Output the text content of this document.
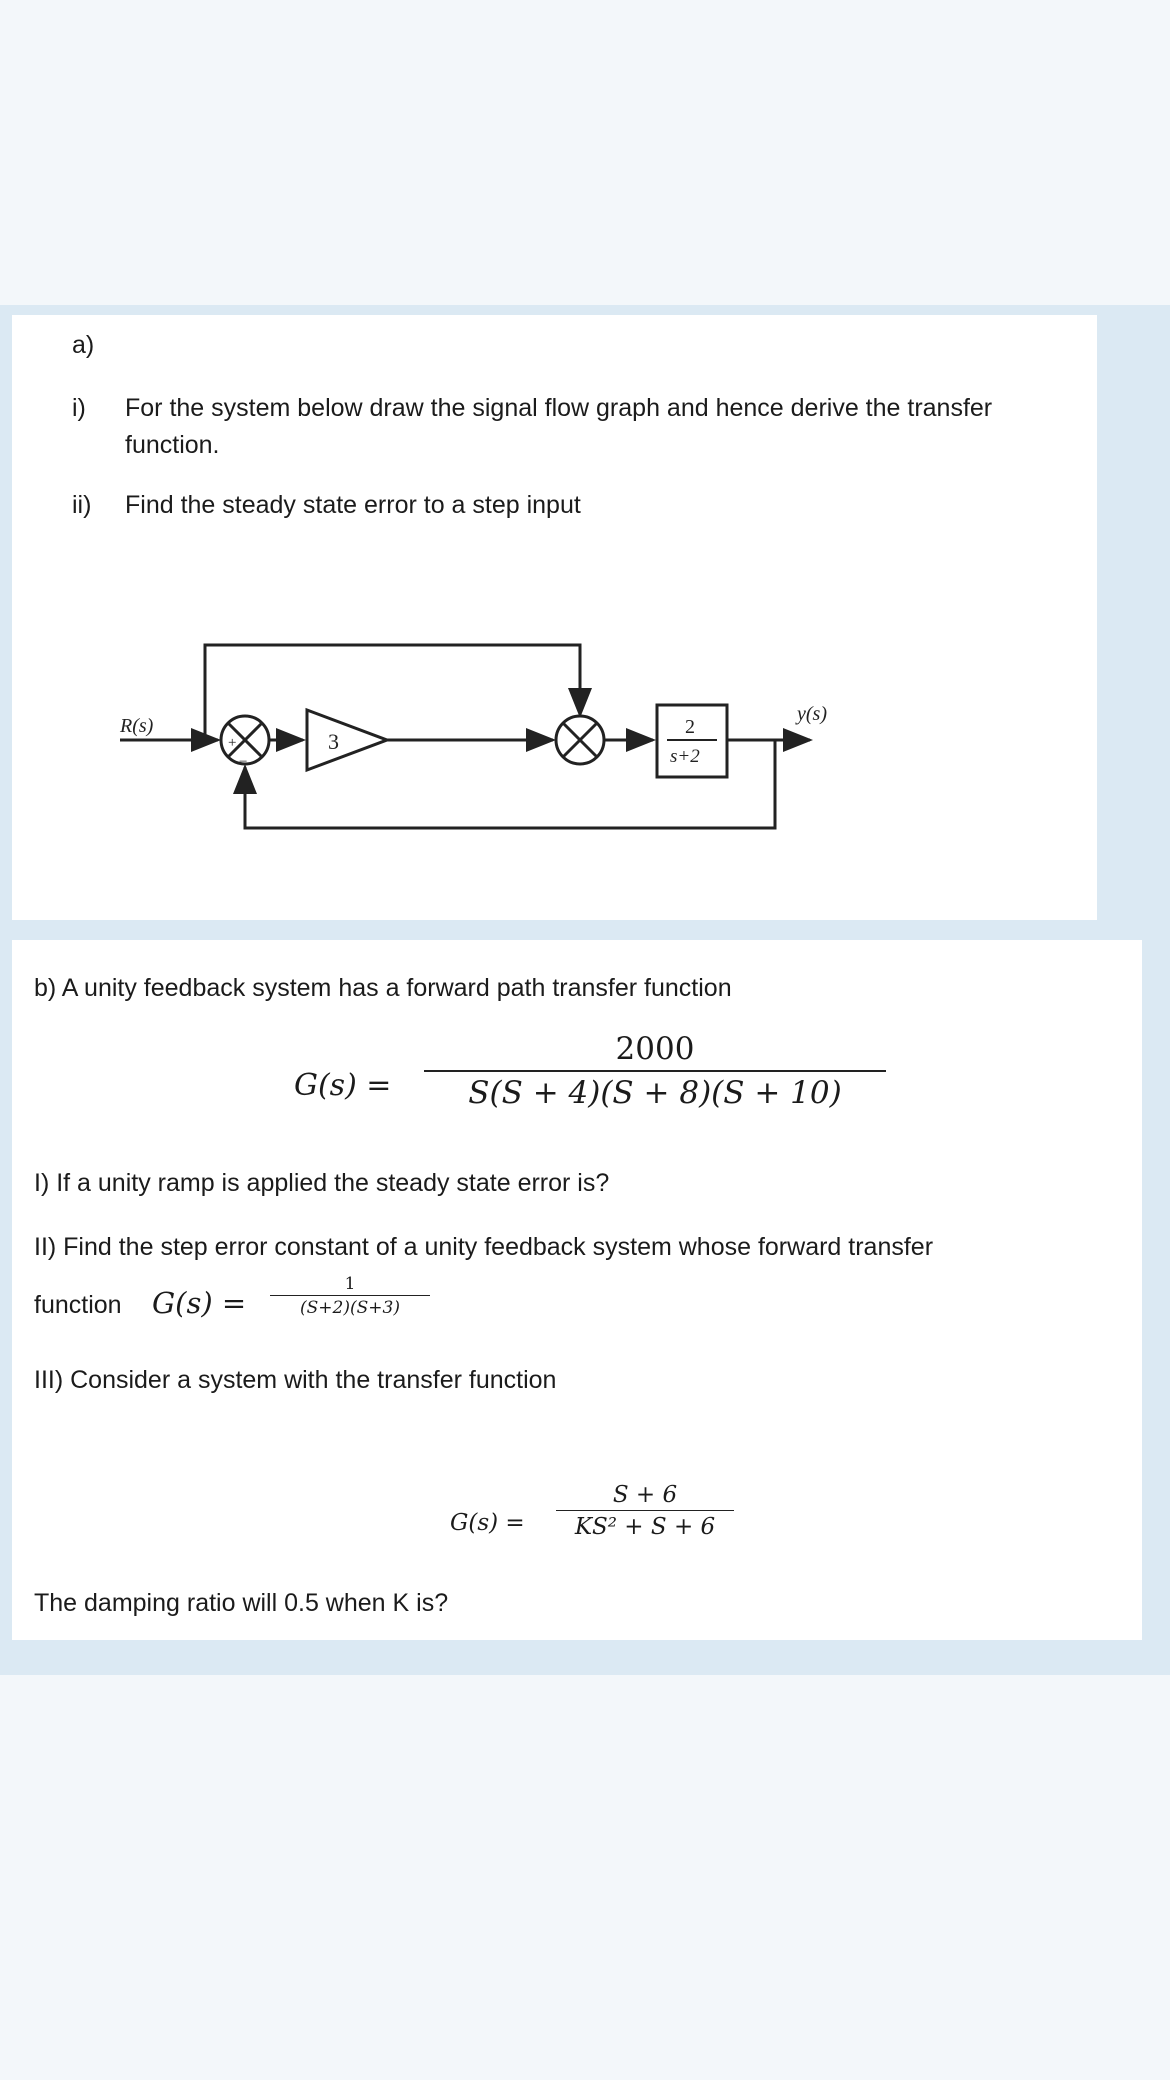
a)
i) For the system below draw the signal flow graph and hence derive the transfer
function.
ii) Find the steady state error to a step input
R(s)
+
−
3
2
s+2
y(s)
b) A unity feedback system has a forward path transfer function
G(s) =
2000
S(S + 4)(S + 8)(S + 10)
I) If a unity ramp is applied the steady state error is?
II) Find the step error constant of a unity feedback system whose forward transfer
function G(s) =
1
(S+2)(S+3)
III) Consider a system with the transfer function
G(s) =
S + 6
KS² + S + 6
The damping ratio will 0.5 when K is?
